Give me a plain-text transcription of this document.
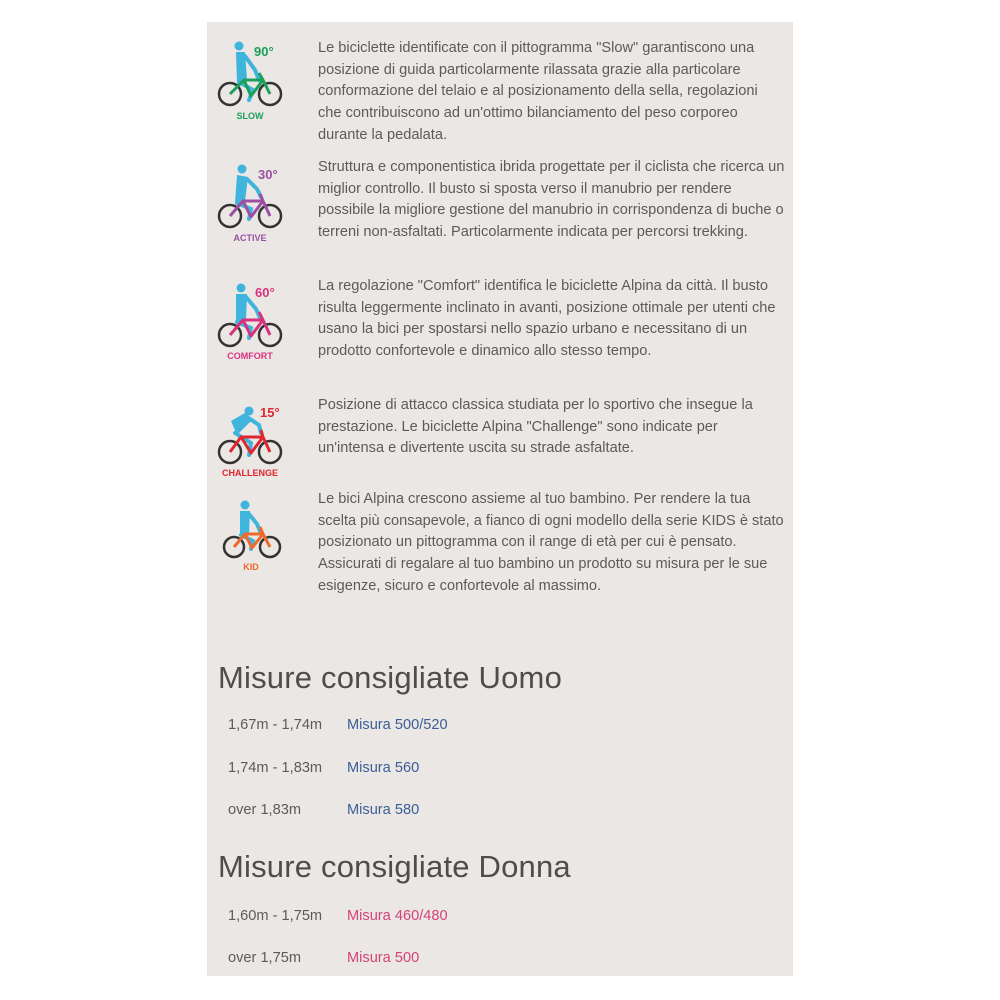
90°
SLOW
Le biciclette identificate con il pittogramma "Slow" garantiscono una posizione di guida particolarmente rilassata grazie alla particolare conformazione del telaio e al posizionamento della sella, regolazioni che contribuiscono ad un'ottimo bilanciamento del peso corporeo durante la pedalata.
30°
ACTIVE
Struttura e componentistica ibrida progettate per il ciclista che ricerca un miglior controllo. Il busto si sposta verso il manubrio per rendere possibile la migliore gestione del manubrio in corrispondenza di buche o terreni non-asfaltati. Particolarmente indicata per percorsi trekking.
60°
COMFORT
La regolazione "Comfort" identifica le biciclette Alpina da città. Il busto risulta leggermente inclinato in avanti, posizione ottimale per utenti che usano la bici per spostarsi nello spazio urbano e necessitano di un prodotto confortevole e dinamico allo stesso tempo.
15°
CHALLENGE
Posizione di attacco classica studiata per lo sportivo che insegue la prestazione. Le biciclette Alpina "Challenge" sono indicate per un'intensa e divertente uscita su strade asfaltate.
KID
Le bici Alpina crescono assieme al tuo bambino. Per rendere la tua scelta più consapevole, a fianco di ogni modello della serie KIDS è stato posizionato un pittogramma con il range di età per cui è pensato. Assicurati di regalare al tuo bambino un prodotto su misura per le sue esigenze, sicuro e confortevole al massimo.
Misure consigliate Uomo
1,67m - 1,74m Misura 500/520
1,74m - 1,83m Misura 560
over 1,83m	Misura 580
Misure consigliate Donna
1,60m - 1,75m Misura 460/480
over 1,75m	Misura 500
